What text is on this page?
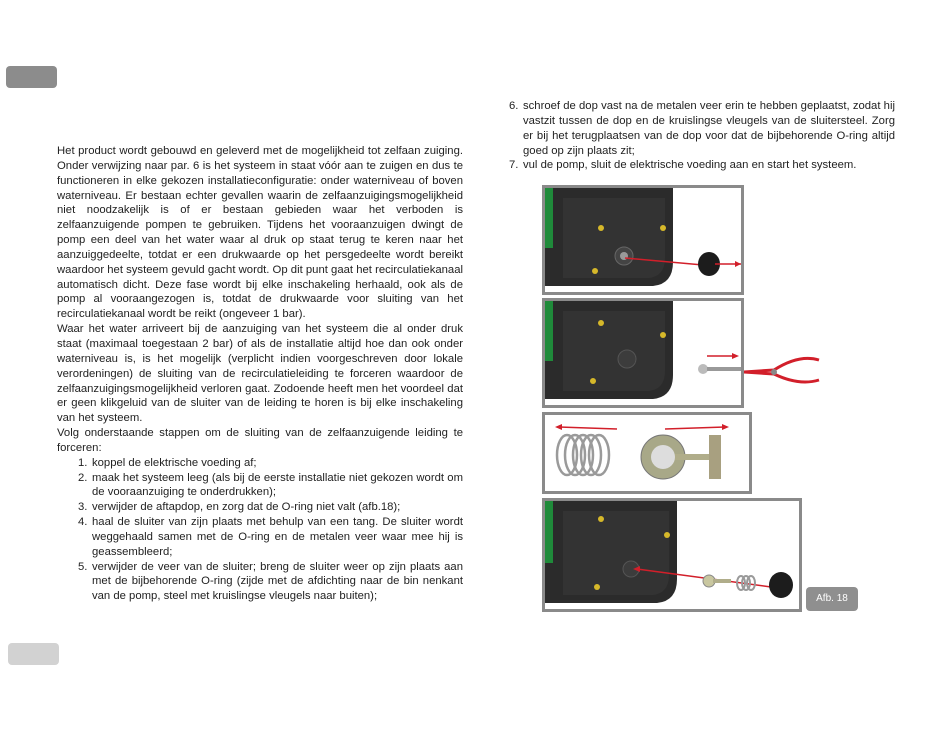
Het product wordt gebouwd en geleverd met de mogelijkheid tot zelfaan zuiging. Onder verwijzing naar par. 6 is het systeem in staat vóór aan te zuigen en dus te functioneren in elke gekozen installatieconfiguratie: onder waterniveau of boven waterniveau. Er bestaan echter gevallen waarin de zelfaanzuigingsmogelijkheid niet noodzakelijk is of er bestaan gebieden waar het verboden is zelfaanzuigende pompen te gebruiken. Tijdens het vooraanzuigen dwingt de pomp een deel van het water waar al druk op staat terug te keren naar het aanzuiggedeelte, totdat er een drukwaarde op het persgedeelte wordt bereikt waardoor het systeem gevuld gacht wordt. Op dit punt gaat het recirculatiekanaal automatisch dicht. Deze fase wordt bij elke inschakeling herhaald, ook als de pomp al vooraangezogen is, totdat de drukwaarde voor sluiting van het recirculatiekanaal wordt be reikt (ongeveer 1 bar).

Waar het water arriveert bij de aanzuiging van het systeem die al onder druk staat (maximaal toegestaan 2 bar) of als de installatie altijd hoe dan ook onder waterniveau is, is het mogelijk (verplicht indien voorgeschreven door lokale verordeningen) de sluiting van de recirculatieleiding te forceren waardoor de zelfaanzuigingsmogelijkheid verloren gaat. Zodoende heeft men het voordeel dat er geen klikgeluid van de sluiter van de leiding te horen is bij elke inschakeling van het systeem.

Volg onderstaande stappen om de sluiting van de zelfaanzuigende leiding te forceren:

1. koppel de elektrische voeding af;
2. maak het systeem leeg (als bij de eerste installatie niet gekozen wordt om de vooraanzuiging te onderdrukken);
3. verwijder de aftapdop, en zorg dat de O-ring niet valt (afb.18);
4. haal de sluiter van zijn plaats met behulp van een tang. De sluiter wordt weggehaald samen met de O-ring en de metalen veer waar mee hij is geassembleerd;
5. verwijder de veer van de sluiter; breng de sluiter weer op zijn plaats aan met de bijbehorende O-ring (zijde met de afdichting naar de bin nenkant van de pomp, steel met kruislingse vleugels naar buiten);
6. schroef de dop vast na de metalen veer erin te hebben geplaatst, zodat hij vastzit tussen de dop en de kruislingse vleugels van de sluitersteel. Zorg er bij het terugplaatsen van de dop voor dat de bijbehorende O-ring altijd goed op zijn plaats zit;
7. vul de pomp, sluit de elektrische voeding aan en start het systeem.
Afb. 18
